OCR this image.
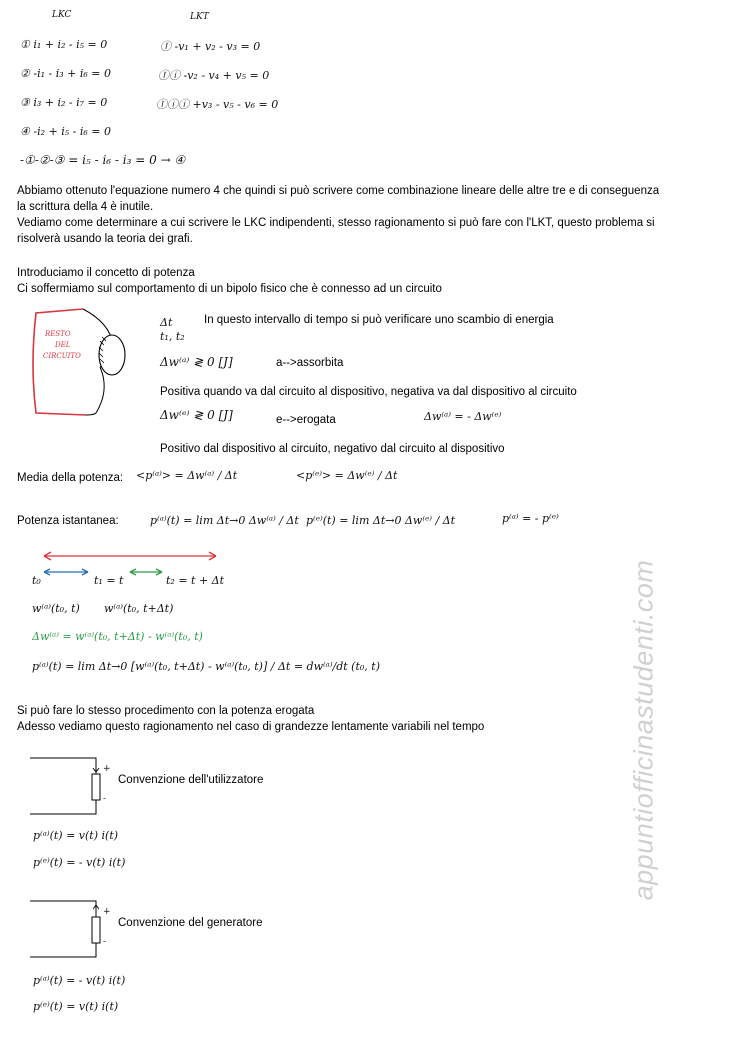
LKC	LKT
① i₁ + i₂ - i₅ = 0
② -i₁ - i₃ + i₆ = 0
③ i₃ + i₂ - i₇ = 0
④ -i₂ + i₅ - i₆ = 0
-①-②-③ = i₅ - i₆ - i₃ = 0 → ④
Ⓘ -v₁ + v₂ - v₃ = 0
Ⓘⓘ -v₂ - v₄ + v₅ = 0
Ⓘⓘⓘ +v₃ - v₅ - v₆ = 0
Abbiamo ottenuto l'equazione numero 4 che quindi si può scrivere come combinazione lineare delle altre tre e di conseguenza
la scrittura della 4 è inutile.
Vediamo come determinare a cui scrivere le LKC indipendenti, stesso ragionamento si può fare con l'LKT, questo problema si
risolverà usando la teoria dei grafi.
Introduciamo il concetto di potenza
Ci soffermiamo sul comportamento di un bipolo fisico che è connesso ad un circuito
RESTO
DEL
CIRCUITO
Δt
t₁, t₂
In questo intervallo di tempo si può verificare uno scambio di energia
Δw⁽ᵃ⁾ ≷ 0 [J]	a-->assorbita
Positiva quando va dal circuito al dispositivo, negativa va dal dispositivo al circuito
Δw⁽ᵉ⁾ ≷ 0 [J]	e-->erogata	Δw⁽ᵃ⁾ = - Δw⁽ᵉ⁾
Positivo dal dispositivo al circuito, negativo dal circuito al dispositivo
Media della potenza: <p⁽ᵃ⁾> = Δw⁽ᵃ⁾ / Δt	<p⁽ᵉ⁾> = Δw⁽ᵉ⁾ / Δt
Potenza istantanea:	p⁽ᵃ⁾(t) = lim Δt→0 Δw⁽ᵃ⁾ / Δt p⁽ᵉ⁾(t) = lim Δt→0 Δw⁽ᵉ⁾ / Δt	p⁽ᵃ⁾ = - p⁽ᵉ⁾
t₀	t₁ = t	t₂ = t + Δt
w⁽ᵃ⁾(t₀, t) w⁽ᵃ⁾(t₀, t+Δt)
Δw⁽ᵃ⁾ = w⁽ᵃ⁾(t₀, t+Δt) - w⁽ᵃ⁾(t₀, t)
p⁽ᵃ⁾(t) = lim Δt→0 [w⁽ᵃ⁾(t₀, t+Δt) - w⁽ᵃ⁾(t₀, t)] / Δt = dw⁽ᵃ⁾/dt (t₀, t)
Si può fare lo stesso procedimento con la potenza erogata
Adesso vediamo questo ragionamento nel caso di grandezze lentamente variabili nel tempo
+
-
Convenzione dell'utilizzatore
p⁽ᵃ⁾(t) = v(t) i(t)
p⁽ᵉ⁾(t) = - v(t) i(t)
+
-
Convenzione del generatore
p⁽ᵃ⁾(t) = - v(t) i(t)
p⁽ᵉ⁾(t) = v(t) i(t)
appuntiofficinastudenti.com
